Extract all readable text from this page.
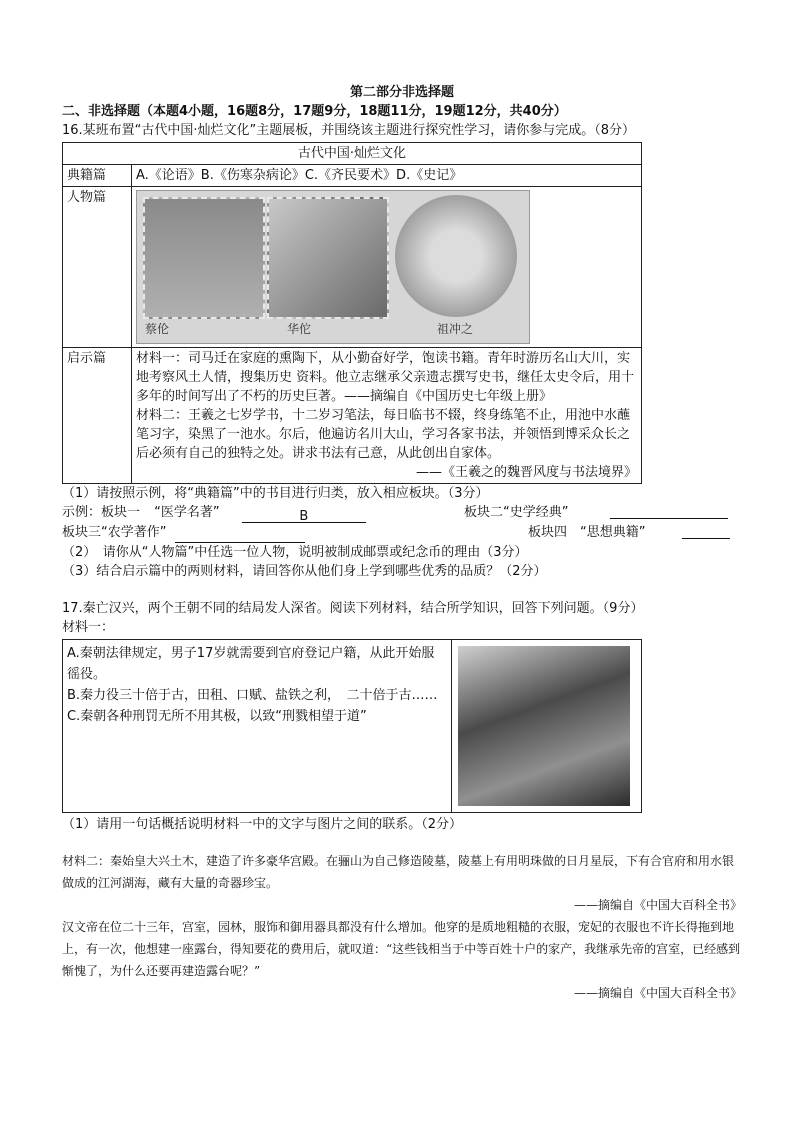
第二部分非选择题
二、非选择题（本题4小题，16题8分，17题9分，18题11分，19题12分，共40分）
16.某班布置“古代中国·灿烂文化”主题展板，并围绕该主题进行探究性学习，请你参与完成。（8分）
古代中国·灿烂文化	
典籍篇	A.《论语》B.《伤寒杂病论》C.《齐民要术》D.《史记》
人物篇	蔡伦 华佗 祖冲之

启示篇	材料一：司马迁在家庭的熏陶下，从小勤奋好学，饱读书籍。青年时游历名山大川，实地考察风土人情，搜集历史 资料。他立志继承父亲遗志撰写史书，继任太史令后，用十多年的时间写出了不朽的历史巨著。——摘编自《中国历史七年级上册》
材料二：王羲之七岁学书，十二岁习笔法，每日临书不辍，终身练笔不止，用池中水蘸笔习字，染黑了一池水。尔后，他遍访名川大山，学习各家书法，并领悟到博采众长之后必须有自己的独特之处。讲求书法有己意，从此创出自家体。
——《王羲之的魏晋风度与书法境界》
（1）请按照示例，将“典籍篇”中的书目进行归类，放入相应板块。（3分）
示例：板块一 “医学名著”	B	板块二“史学经典”
板块三“农学著作”	板块四　“思想典籍”
（2）　请你从“人物篇”中任选一位人物，说明被制成邮票或纪念币的理由（3分）
（3）结合启示篇中的两则材料，请回答你从他们身上学到哪些优秀的品质？（2分）
17.秦亡汉兴，两个王朝不同的结局发人深省。阅读下列材料，结合所学知识，回答下列问题。（9分）
材料一：
A.秦朝法律规定，男子17岁就需要到官府登记户籍，从此开始服徭役。
B.秦力役三十倍于古，田租、口赋、盐铁之利，　二十倍于古……
C.秦朝各种刑罚无所不用其极，以致“刑戮相望于道”

（1）请用一句话概括说明材料一中的文字与图片之间的联系。（2分）
材料二：秦始皇大兴土木，建造了许多豪华宫殿。在骊山为自己修造陵墓，陵墓上有用明珠做的日月星辰，下有合官府和用水银做成的江河湖海，藏有大量的奇器珍宝。
——摘编自《中国大百科全书》
汉文帝在位二十三年，宫室，园林，服饰和御用器具都没有什么增加。他穿的是质地粗糙的衣服，宠妃的衣服也不许长得拖到地上，有一次，他想建一座露台，得知要花的费用后，就叹道：“这些钱相当于中等百姓十户的家产，我继承先帝的宫室，已经感到惭愧了，为什么还要再建造露台呢？”
——摘编自《中国大百科全书》
